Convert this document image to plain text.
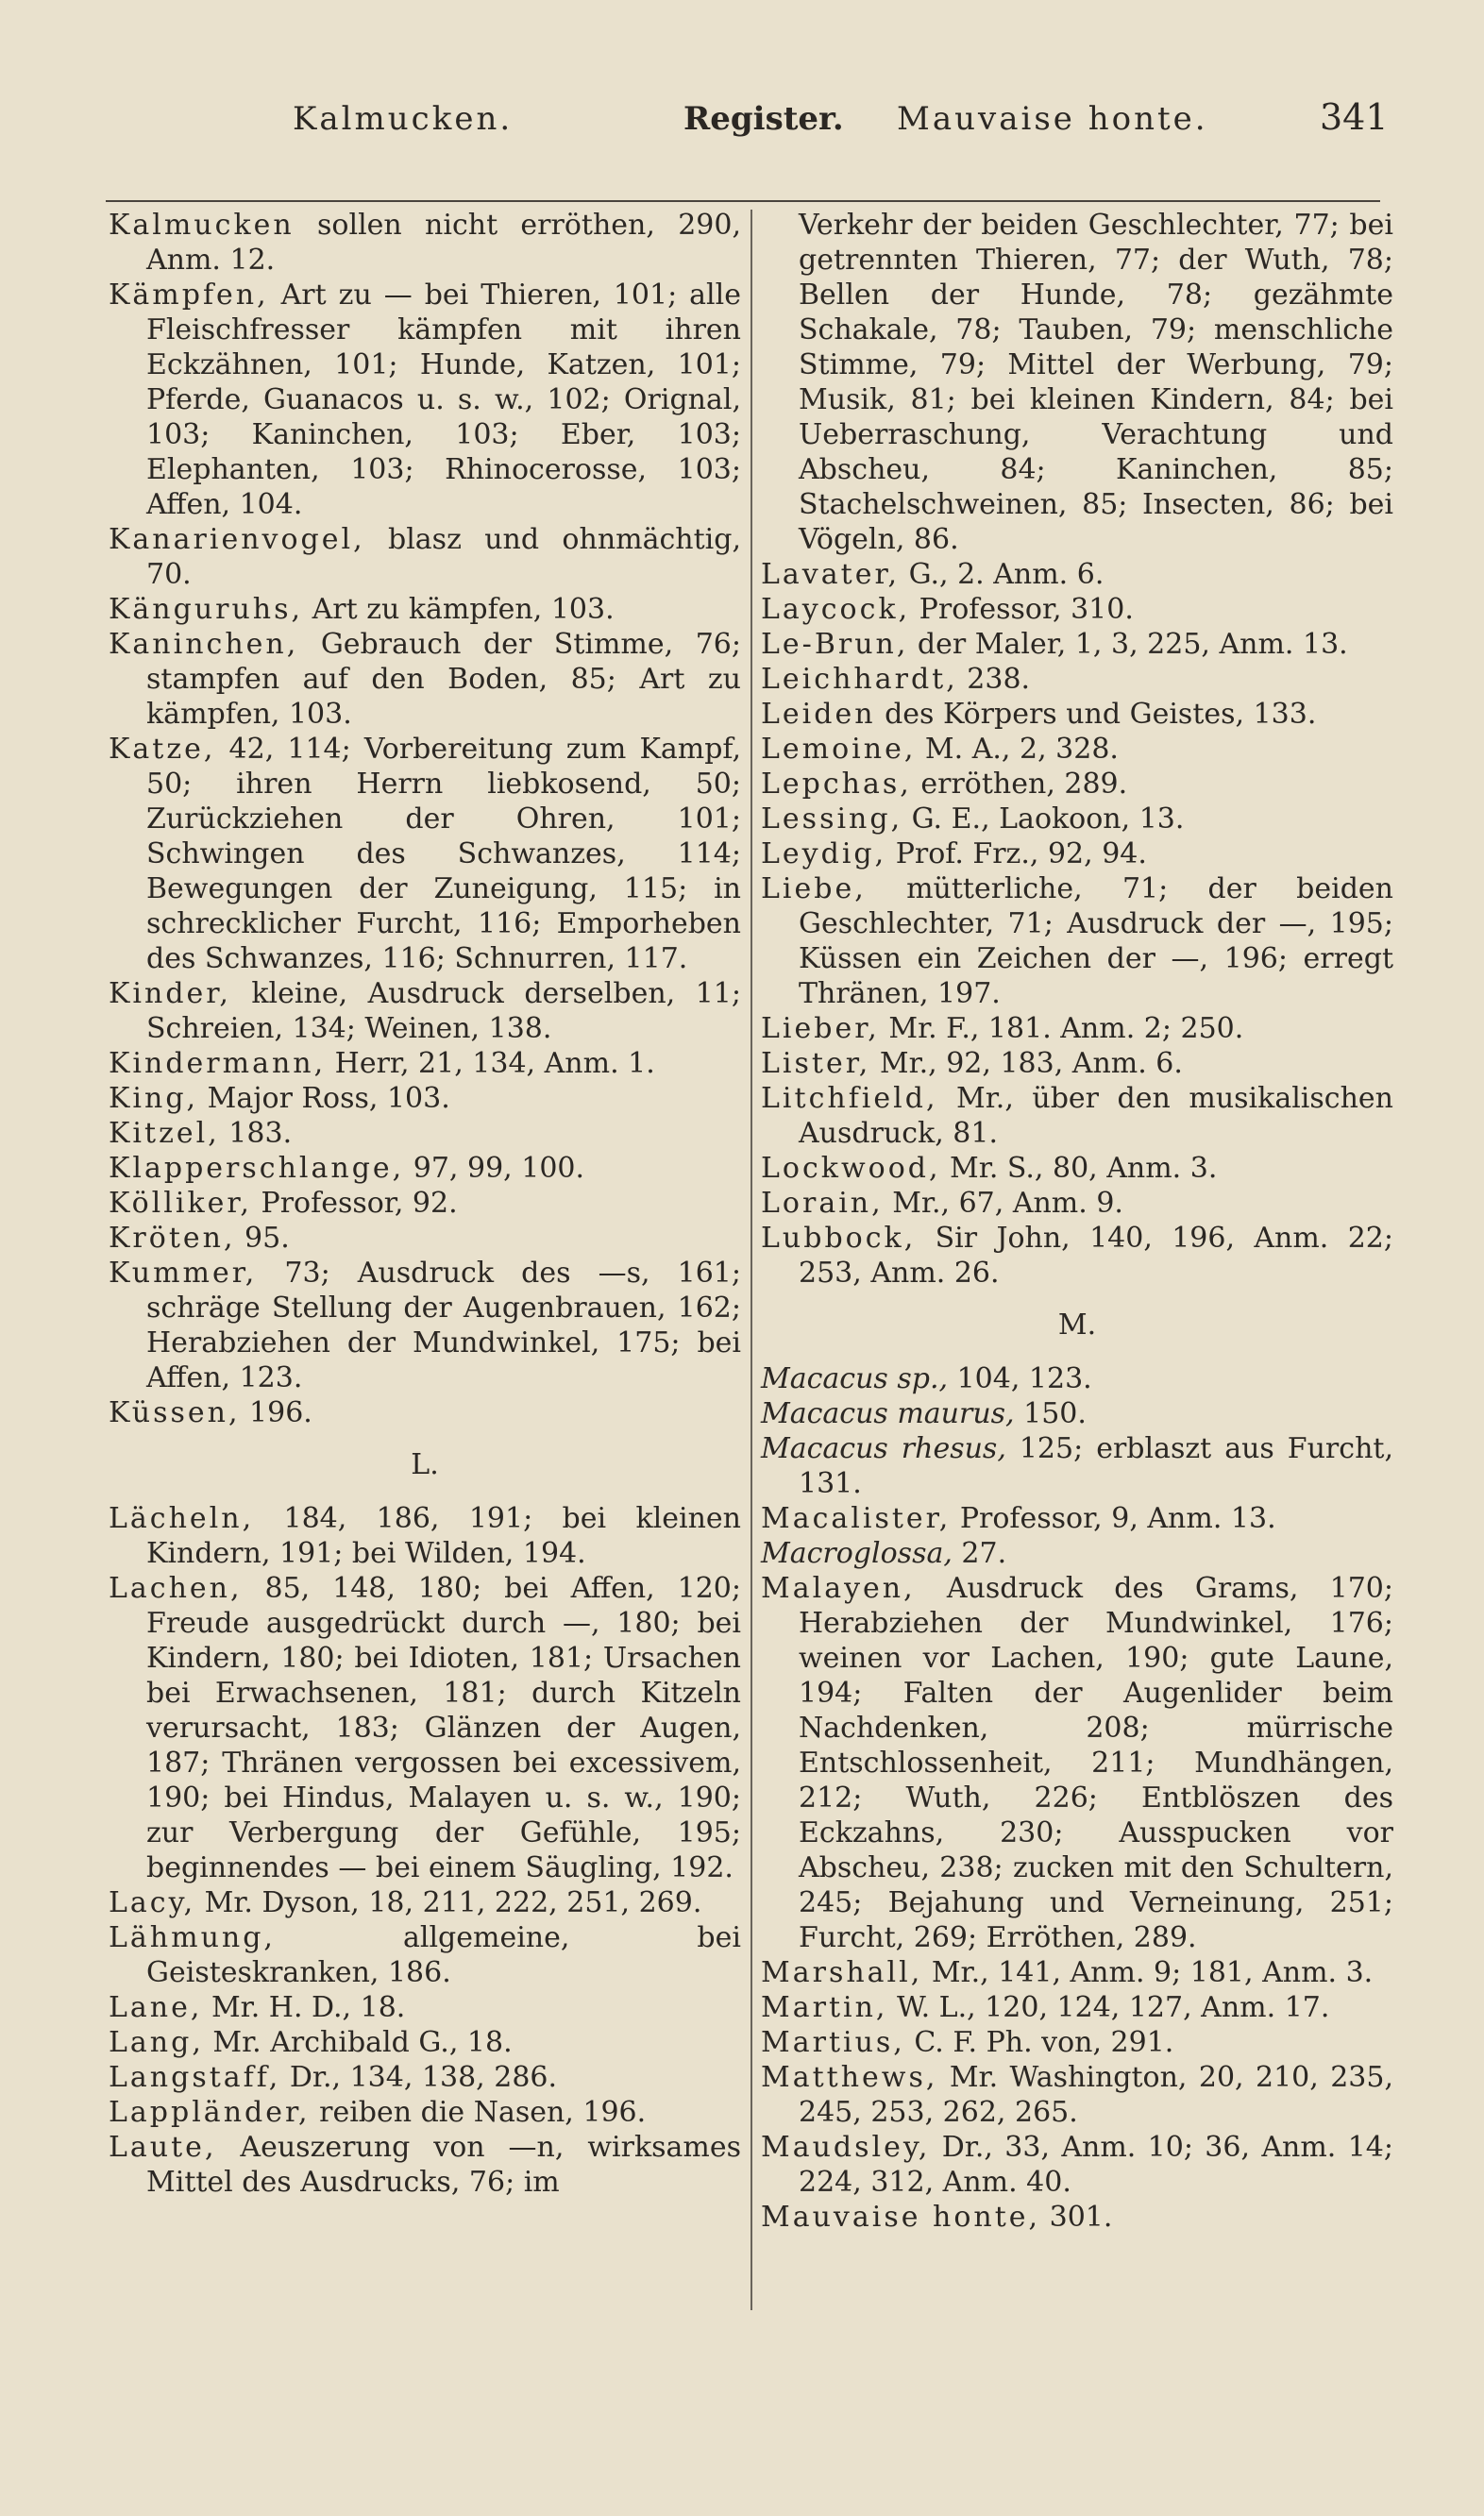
Kalmucken.	Register. Mauvaise honte.	341
Kalmucken sollen nicht erröthen, 290, Anm. 12.
Kämpfen, Art zu — bei Thieren, 101; alle Fleischfresser kämpfen mit ihren Eckzähnen, 101; Hunde, Katzen, 101; Pferde, Guanacos u. s. w., 102; Orignal, 103; Kaninchen, 103; Eber, 103; Elephanten, 103; Rhinocerosse, 103; Affen, 104.
Kanarienvogel, blasz und ohnmächtig, 70.
Känguruhs, Art zu kämpfen, 103.
Kaninchen, Gebrauch der Stimme, 76; stampfen auf den Boden, 85; Art zu kämpfen, 103.
Katze, 42, 114; Vorbereitung zum Kampf, 50; ihren Herrn liebkosend, 50; Zurückziehen der Ohren, 101; Schwingen des Schwanzes, 114; Bewegungen der Zuneigung, 115; in schrecklicher Furcht, 116; Emporheben des Schwanzes, 116; Schnurren, 117.
Kinder, kleine, Ausdruck derselben, 11; Schreien, 134; Weinen, 138.
Kindermann, Herr, 21, 134, Anm. 1.
King, Major Ross, 103.
Kitzel, 183.
Klapperschlange, 97, 99, 100.
Kölliker, Professor, 92.
Kröten, 95.
Kummer, 73; Ausdruck des —s, 161; schräge Stellung der Augenbrauen, 162; Herabziehen der Mundwinkel, 175; bei Affen, 123.
Küssen, 196.
L.
Lächeln, 184, 186, 191; bei kleinen Kindern, 191; bei Wilden, 194.
Lachen, 85, 148, 180; bei Affen, 120; Freude ausgedrückt durch —, 180; bei Kindern, 180; bei Idioten, 181; Ursachen bei Erwachsenen, 181; durch Kitzeln verursacht, 183; Glänzen der Augen, 187; Thränen vergossen bei excessivem, 190; bei Hindus, Malayen u. s. w., 190; zur Verbergung der Gefühle, 195; beginnendes — bei einem Säugling, 192.
Lacy, Mr. Dyson, 18, 211, 222, 251, 269.
Lähmung, allgemeine, bei Geisteskranken, 186.
Lane, Mr. H. D., 18.
Lang, Mr. Archibald G., 18.
Langstaff, Dr., 134, 138, 286.
Lappländer, reiben die Nasen, 196.
Laute, Aeuszerung von —n, wirksames Mittel des Ausdrucks, 76; im
Verkehr der beiden Geschlechter, 77; bei getrennten Thieren, 77; der Wuth, 78; Bellen der Hunde, 78; gezähmte Schakale, 78; Tauben, 79; menschliche Stimme, 79; Mittel der Werbung, 79; Musik, 81; bei kleinen Kindern, 84; bei Ueberraschung, Verachtung und Abscheu, 84; Kaninchen, 85; Stachelschweinen, 85; Insecten, 86; bei Vögeln, 86.
Lavater, G., 2. Anm. 6.
Laycock, Professor, 310.
Le-Brun, der Maler, 1, 3, 225, Anm. 13.
Leichhardt, 238.
Leiden des Körpers und Geistes, 133.
Lemoine, M. A., 2, 328.
Lepchas, erröthen, 289.
Lessing, G. E., Laokoon, 13.
Leydig, Prof. Frz., 92, 94.
Liebe, mütterliche, 71; der beiden Geschlechter, 71; Ausdruck der —, 195; Küssen ein Zeichen der —, 196; erregt Thränen, 197.
Lieber, Mr. F., 181. Anm. 2; 250.
Lister, Mr., 92, 183, Anm. 6.
Litchfield, Mr., über den musikalischen Ausdruck, 81.
Lockwood, Mr. S., 80, Anm. 3.
Lorain, Mr., 67, Anm. 9.
Lubbock, Sir John, 140, 196, Anm. 22; 253, Anm. 26.
M.
Macacus sp., 104, 123.
Macacus maurus, 150.
Macacus rhesus, 125; erblaszt aus Furcht, 131.
Macalister, Professor, 9, Anm. 13.
Macroglossa, 27.
Malayen, Ausdruck des Grams, 170; Herabziehen der Mundwinkel, 176; weinen vor Lachen, 190; gute Laune, 194; Falten der Augenlider beim Nachdenken, 208; mürrische Entschlossenheit, 211; Mundhängen, 212; Wuth, 226; Entblöszen des Eckzahns, 230; Ausspucken vor Abscheu, 238; zucken mit den Schultern, 245; Bejahung und Verneinung, 251; Furcht, 269; Erröthen, 289.
Marshall, Mr., 141, Anm. 9; 181, Anm. 3.
Martin, W. L., 120, 124, 127, Anm. 17.
Martius, C. F. Ph. von, 291.
Matthews, Mr. Washington, 20, 210, 235, 245, 253, 262, 265.
Maudsley, Dr., 33, Anm. 10; 36, Anm. 14; 224, 312, Anm. 40.
Mauvaise honte, 301.
